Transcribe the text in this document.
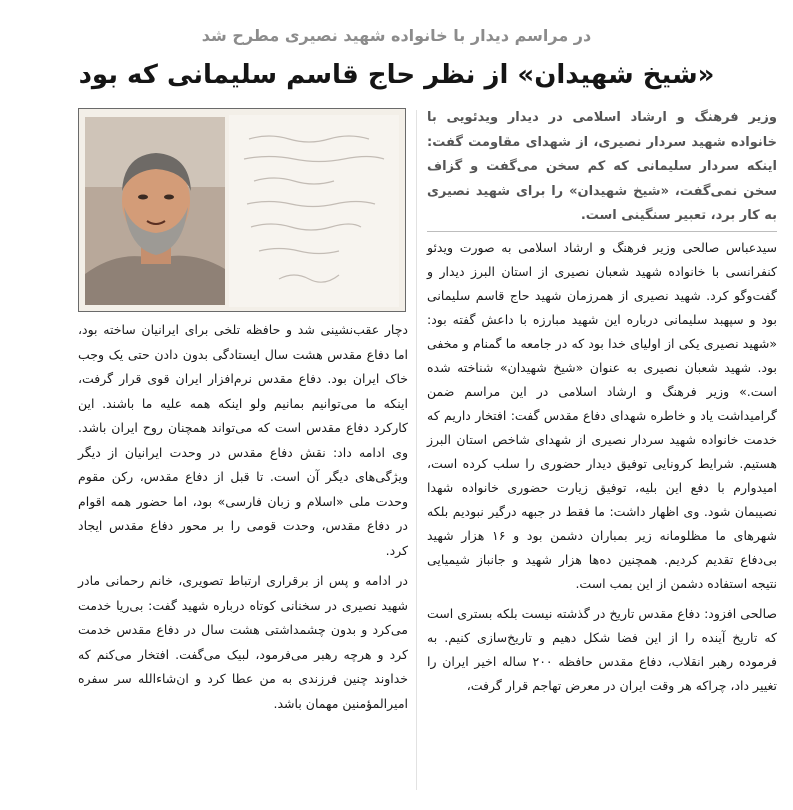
در مراسم دیدار با خانواده شهید نصیری مطرح شد
«شیخ شهیدان» از نظر حاج قاسم سلیمانی که بود

وزیر فرهنگ و ارشاد اسلامی در دیدار ویدئویی با خانواده شهید سردار نصیری، از شهدای مقاومت گفت: اینکه سردار سلیمانی که کم سخن می‌گفت و گزاف سخن نمی‌گفت، «شیخ شهیدان» را برای شهید نصیری به کار برد، تعبیر سنگینی است.

سیدعباس صالحی وزیر فرهنگ و ارشاد اسلامی به صورت ویدئو کنفرانسی با خانواده شهید شعبان نصیری از استان البرز دیدار و گفت‌وگو کرد. شهید نصیری از همرزمان شهید حاج قاسم سلیمانی بود و سپهبد سلیمانی درباره این شهید مبارزه با داعش گفته بود: «شهید نصیری یکی از اولیای خدا بود که در جامعه ما گمنام و مخفی بود. شهید شعبان نصیری به عنوان «شیخ شهیدان» شناخته شده است.» وزیر فرهنگ و ارشاد اسلامی در این مراسم ضمن گرامیداشت یاد و خاطره شهدای دفاع مقدس گفت: افتخار داریم که خدمت خانواده شهید سردار نصیری از شهدای شاخص استان البرز هستیم. شرایط کرونایی توفیق دیدار حضوری را سلب کرده است، امیدوارم با دفع این بلیه، توفیق زیارت حضوری خانواده شهدا نصیبمان شود. وی اظهار داشت: ما فقط در جبهه درگیر نبودیم بلکه شهرهای ما مظلومانه زیر بمباران دشمن بود و ۱۶ هزار شهید بی‌دفاع تقدیم کردیم. همچنین ده‌ها هزار شهید و جانباز شیمیایی نتیجه استفاده دشمن از این بمب است.

صالحی افزود: دفاع مقدس تاریخ در گذشته نیست بلکه بستری است که تاریخ آینده را از این فضا شکل دهیم و تاریخ‌سازی کنیم. به فرموده رهبر انقلاب، دفاع مقدس حافظه ۲۰۰ ساله اخیر ایران را تغییر داد، چراکه هر وقت ایران در معرض تهاجم قرار گرفت،

دچار عقب‌نشینی شد و حافظه تلخی برای ایرانیان ساخته بود، اما دفاع مقدس هشت سال ایستادگی بدون دادن حتی یک وجب خاک ایران بود. دفاع مقدس نرم‌افزار ایران قوی قرار گرفت، اینکه ما می‌توانیم بمانیم ولو اینکه همه علیه ما باشند. این کارکرد دفاع مقدس است که می‌تواند همچنان روح ایران باشد. وی ادامه داد: نقش دفاع مقدس در وحدت ایرانیان از دیگر ویژگی‌های دیگر آن است. تا قبل از دفاع مقدس، رکن مقوم وحدت ملی «اسلام و زبان فارسی» بود، اما حضور همه اقوام در دفاع مقدس، وحدت قومی را بر محور دفاع مقدس ایجاد کرد.

در ادامه و پس از برقراری ارتباط تصویری، خانم رحمانی مادر شهید نصیری در سخنانی کوتاه درباره شهید گفت: بی‌ریا خدمت می‌کرد و بدون چشمداشتی هشت سال در دفاع مقدس خدمت کرد و هرچه رهبر می‌فرمود، لبیک می‌گفت. افتخار می‌کنم که خداوند چنین فرزندی به من عطا کرد و ان‌شاءالله سر سفره امیرالمؤمنین مهمان باشد.
